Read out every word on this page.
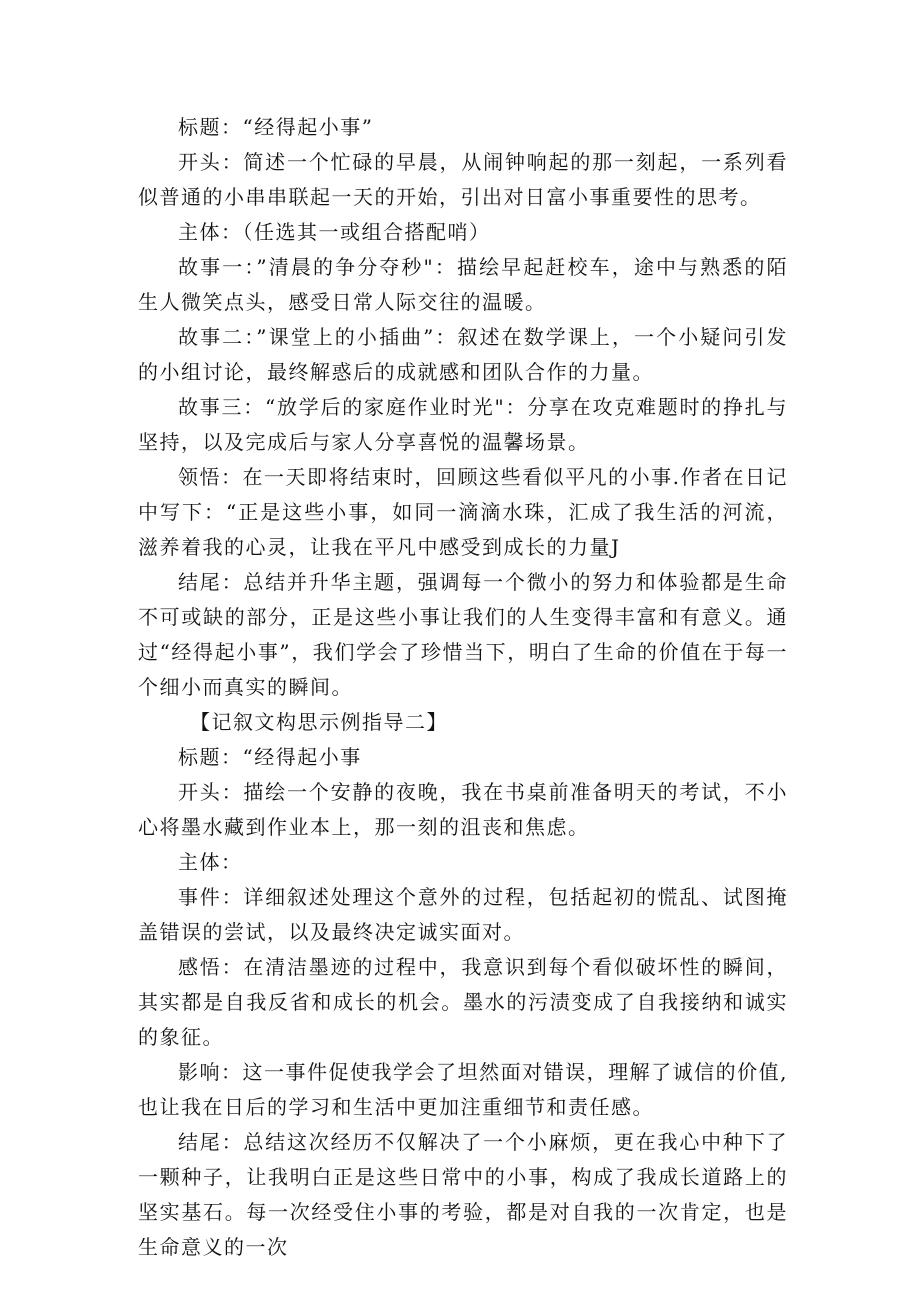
标题：“经得起小事”

开头：简述一个忙碌的早晨，从闹钟响起的那一刻起，一系列看似普通的小串串联起一天的开始，引出对日富小事重要性的思考。

主体：（任选其一或组合搭配哨）

故事一：”清晨的争分夺秒"：描绘早起赶校车，途中与熟悉的陌生人微笑点头，感受日常人际交往的温暖。

故事二：”课堂上的小插曲”：叙述在数学课上，一个小疑问引发的小组讨论，最终解惑后的成就感和团队合作的力量。

故事三：“放学后的家庭作业时光"：分享在攻克难题时的挣扎与坚持，以及完成后与家人分享喜悦的温馨场景。

领悟：在一天即将结束时，回顾这些看似平凡的小事.作者在日记中写下：“正是这些小事，如同一滴滴水珠，汇成了我生活的河流，滋养着我的心灵，让我在平凡中感受到成长的力量J

结尾：总结并升华主题，强调每一个微小的努力和体验都是生命不可或缺的部分，正是这些小事让我们的人生变得丰富和有意义。通过“经得起小事”，我们学会了珍惜当下，明白了生命的价值在于每一个细小而真实的瞬间。

【记叙文构思示例指导二】

标题：“经得起小事

开头：描绘一个安静的夜晚，我在书桌前准备明天的考试，不小心将墨水藏到作业本上，那一刻的沮丧和焦虑。

主体：

事件：详细叙述处理这个意外的过程，包括起初的慌乱、试图掩盖错误的尝试，以及最终决定诚实面对。

感悟：在清洁墨迹的过程中，我意识到每个看似破坏性的瞬间，其实都是自我反省和成长的机会。墨水的污渍变成了自我接纳和诚实的象征。

影响：这一事件促使我学会了坦然面对错误，理解了诚信的价值,也让我在日后的学习和生活中更加注重细节和责任感。

结尾：总结这次经历不仅解决了一个小麻烦，更在我心中种下了一颗种子，让我明白正是这些日常中的小事，构成了我成长道路上的坚实基石。每一次经受住小事的考验，都是对自我的一次肯定，也是生命意义的一次
